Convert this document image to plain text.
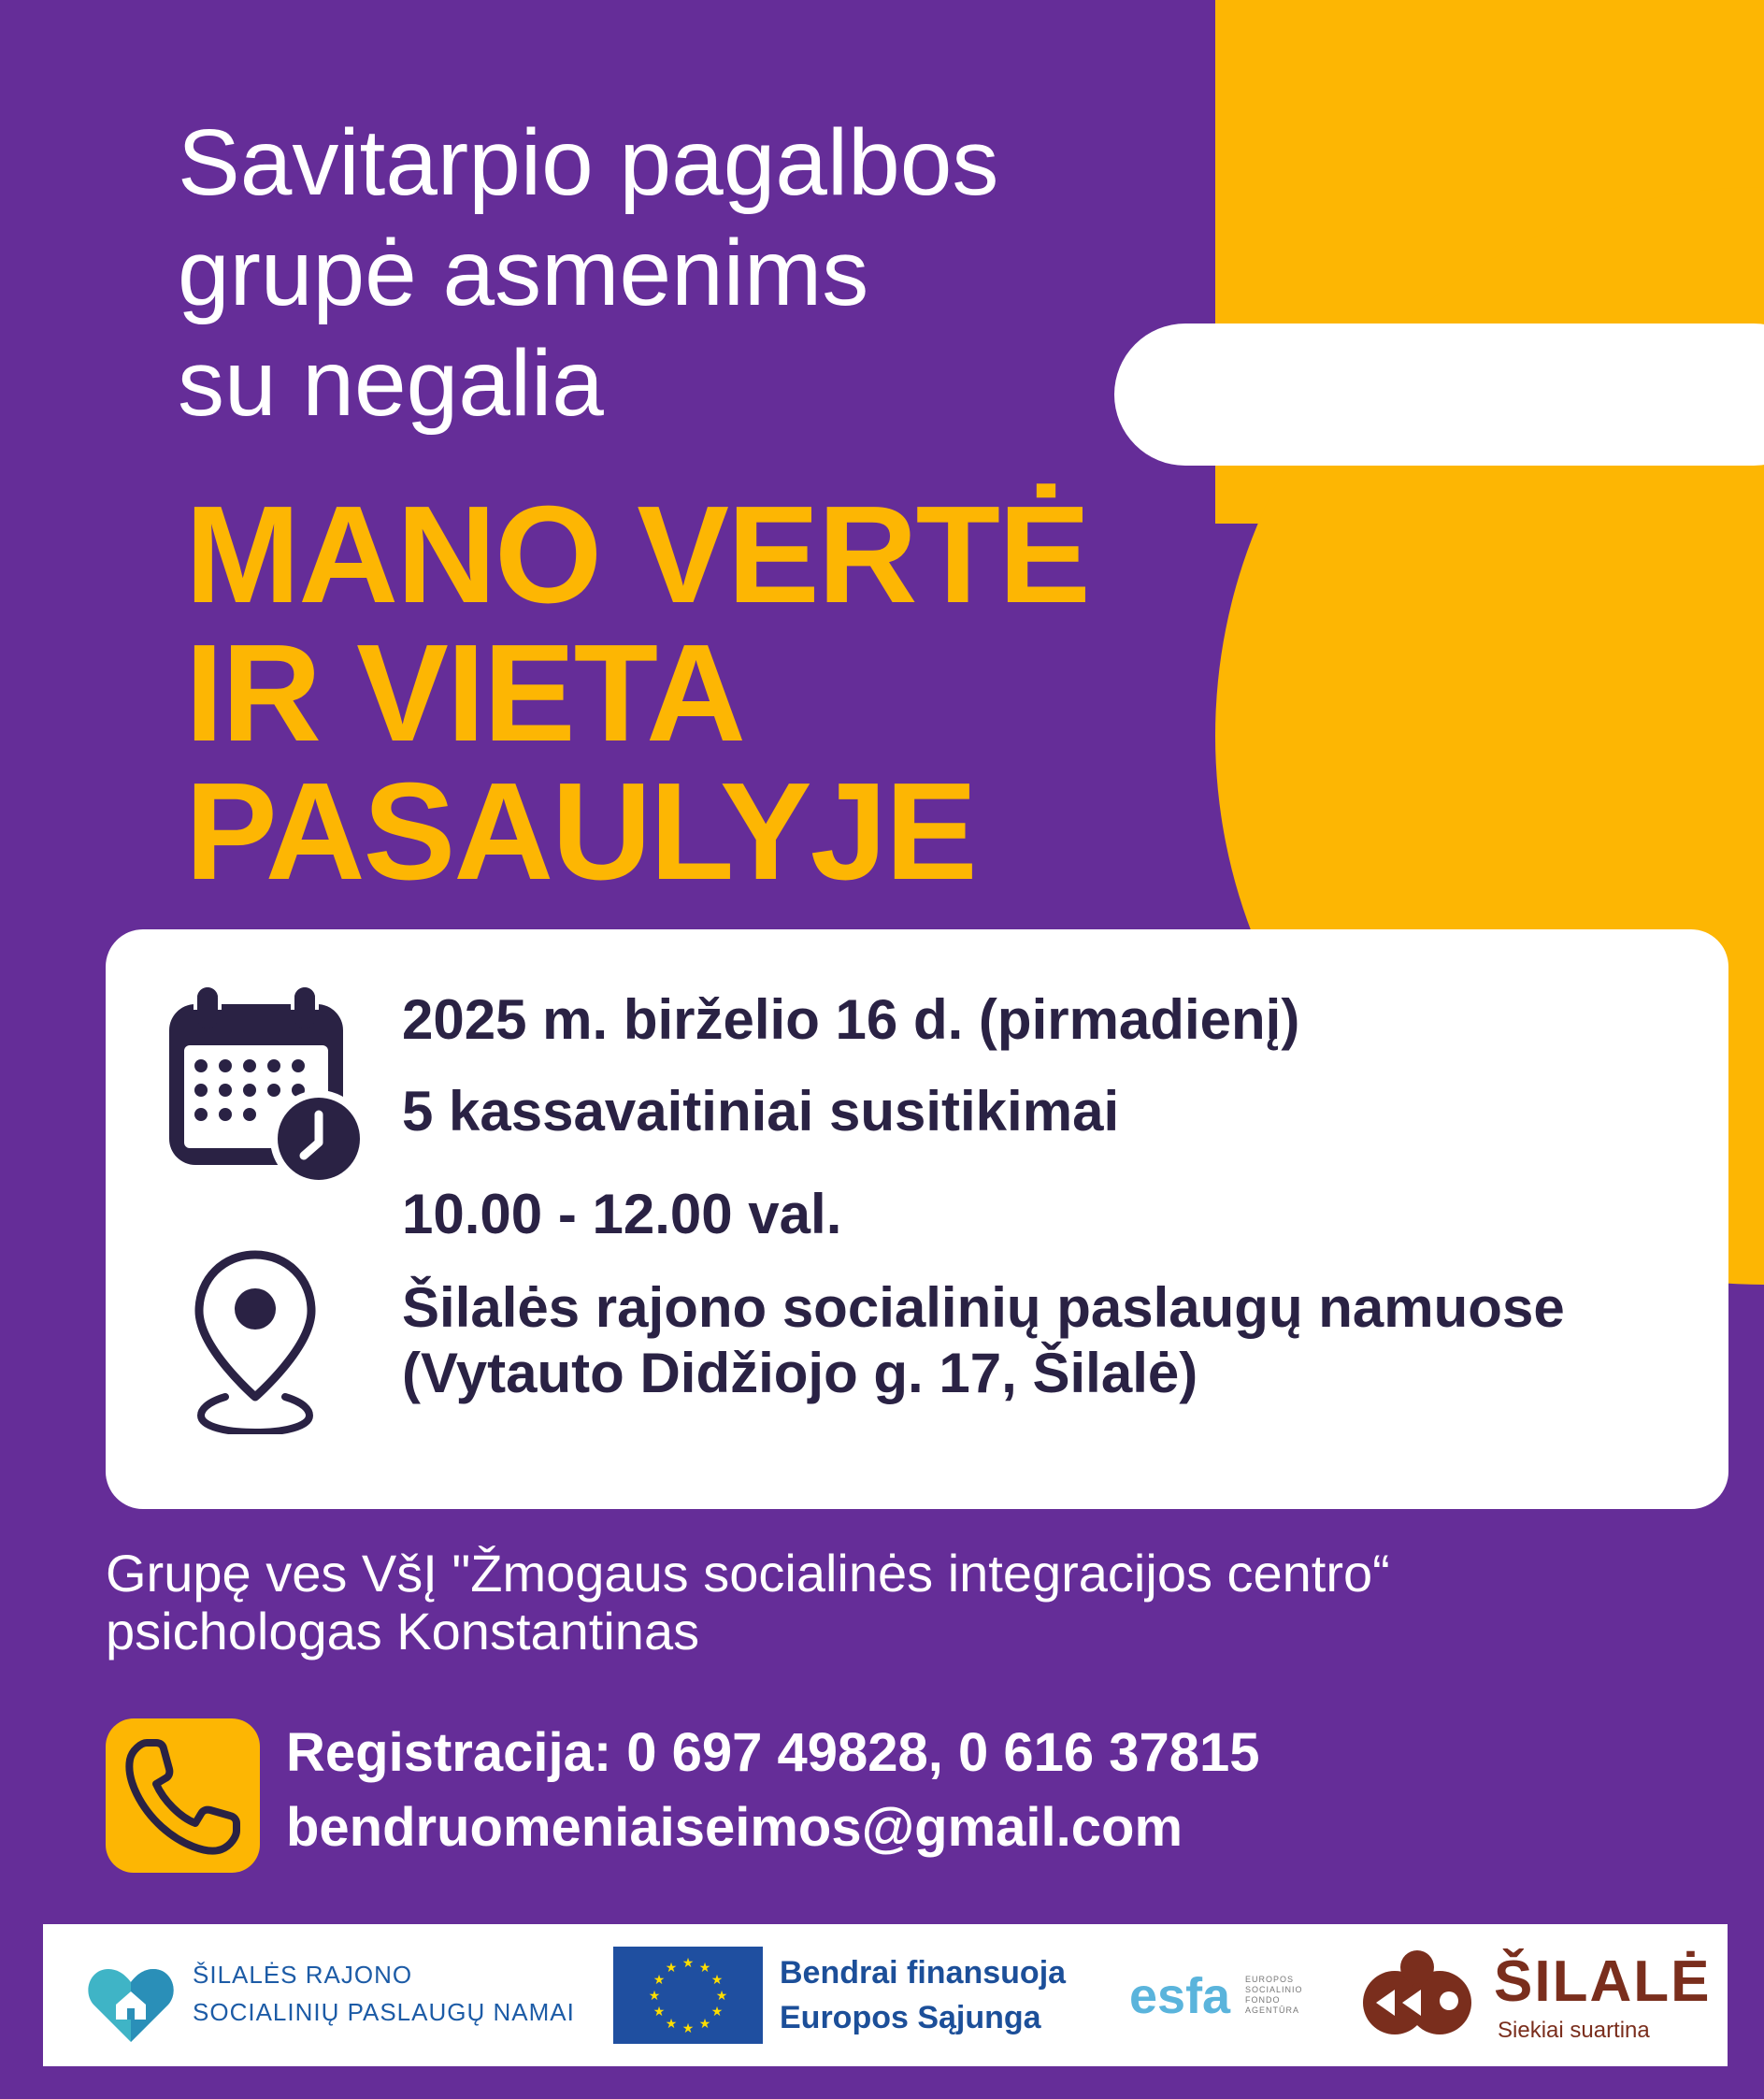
Savitarpio pagalbos
grupė asmenims
su negalia
MANO VERTĖ
IR VIETA
PASAULYJE
2025 m. birželio 16 d. (pirmadienį)
5 kassavaitiniai susitikimai
10.00 - 12.00 val.
Šilalės rajono socialinių paslaugų namuose
(Vytauto Didžiojo g. 17, Šilalė)
Grupę ves VšĮ "Žmogaus socialinės integracijos centro“
psichologas Konstantinas
Registracija: 0 697 49828, 0 616 37815
bendruomeniaiseimos@gmail.com
ŠILALĖS RAJONO
SOCIALINIŲ PASLAUGŲ NAMAI
★ ★
★
★
★
★
★
★
★
★
★
★	Bendrai finansuoja
Europos Sąjunga	esfa EUROPOS SOCIALINIO FONDO AGENTŪRA	ŠILALĖ
Siekiai suartina
